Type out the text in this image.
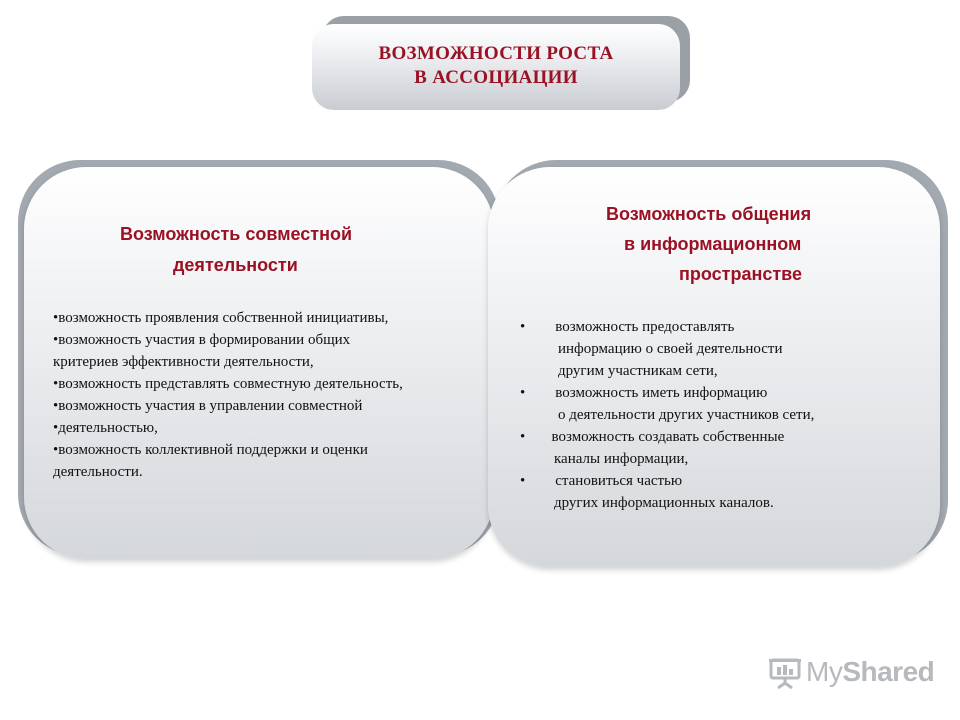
ВОЗМОЖНОСТИ РОСТА
В АССОЦИАЦИИ
Возможность совместной
деятельности
•возможность проявления собственной инициативы,
•возможность участия в формировании общих
критериев эффективности деятельности,
•возможность представлять совместную деятельность,
•возможность участия в управлении совместной
•деятельностью,
•возможность коллективной поддержки и оценки
деятельности.
Возможность общения
в информационном
пространстве
•        возможность предоставлять
информацию о своей деятельности
другим участникам сети,
•        возможность иметь информацию
о деятельности других участников сети,
•       возможность создавать собственные
каналы информации,
•        становиться частью
других информационных каналов.
MyShared
